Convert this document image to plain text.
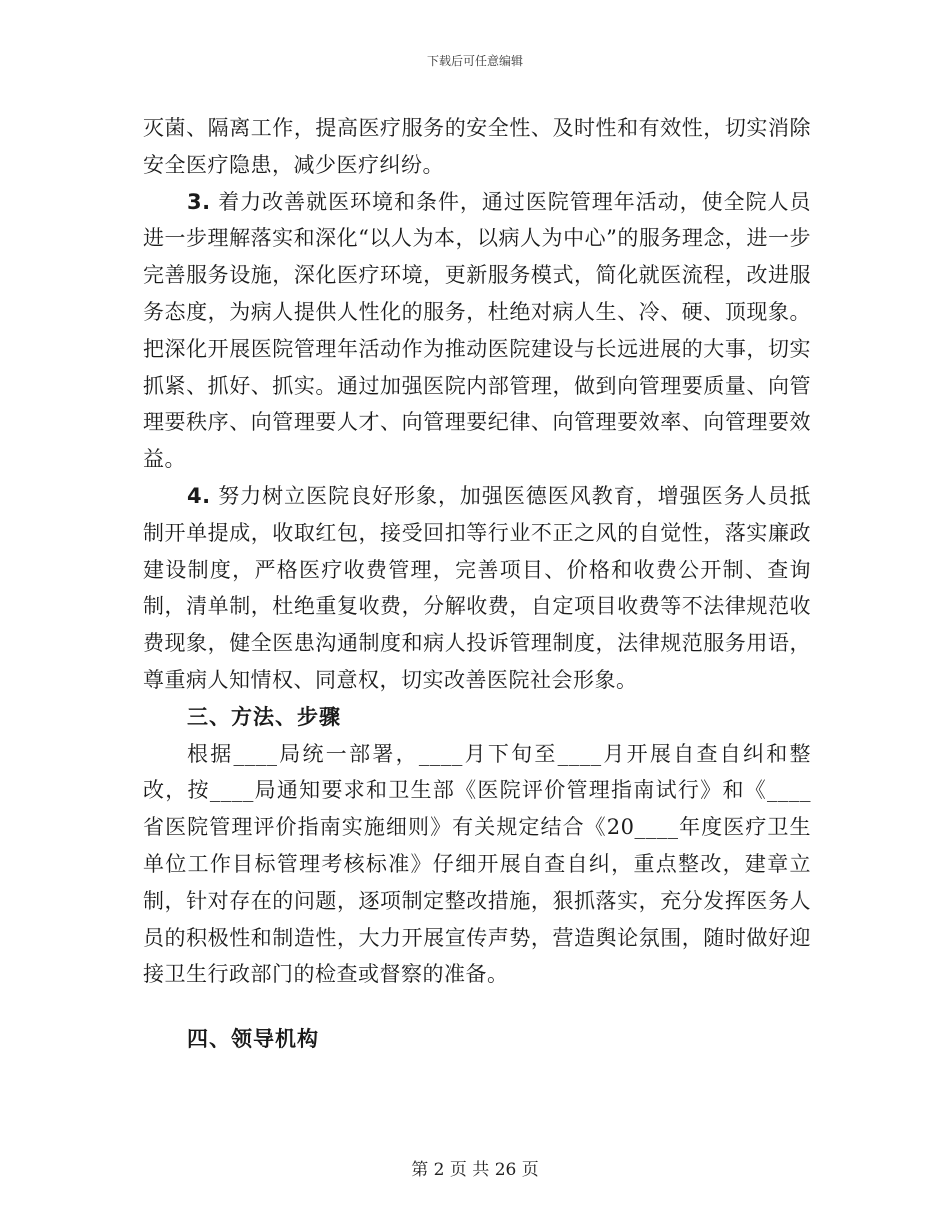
下载后可任意编辑

灭菌、隔离工作，提高医疗服务的安全性、及时性和有效性，切实消除安全医疗隐患，减少医疗纠纷。

3. 着力改善就医环境和条件，通过医院管理年活动，使全院人员进一步理解落实和深化“以人为本，以病人为中心”的服务理念，进一步完善服务设施，深化医疗环境，更新服务模式，简化就医流程，改进服务态度，为病人提供人性化的服务，杜绝对病人生、冷、硬、顶现象。把深化开展医院管理年活动作为推动医院建设与长远进展的大事，切实抓紧、抓好、抓实。通过加强医院内部管理，做到向管理要质量、向管理要秩序、向管理要人才、向管理要纪律、向管理要效率、向管理要效益。

4. 努力树立医院良好形象，加强医德医风教育，增强医务人员抵制开单提成，收取红包，接受回扣等行业不正之风的自觉性，落实廉政建设制度，严格医疗收费管理，完善项目、价格和收费公开制、查询制，清单制，杜绝重复收费，分解收费，自定项目收费等不法律规范收费现象，健全医患沟通制度和病人投诉管理制度，法律规范服务用语，尊重病人知情权、同意权，切实改善医院社会形象。

三、方法、步骤

根据____局统一部署，____月下旬至____月开展自查自纠和整改，按____局通知要求和卫生部《医院评价管理指南试行》和《____省医院管理评价指南实施细则》有关规定结合《20____年度医疗卫生单位工作目标管理考核标准》仔细开展自查自纠，重点整改，建章立制，针对存在的问题，逐项制定整改措施，狠抓落实，充分发挥医务人员的积极性和制造性，大力开展宣传声势，营造舆论氛围，随时做好迎接卫生行政部门的检查或督察的准备。

四、领导机构

第 2 页 共 26 页
